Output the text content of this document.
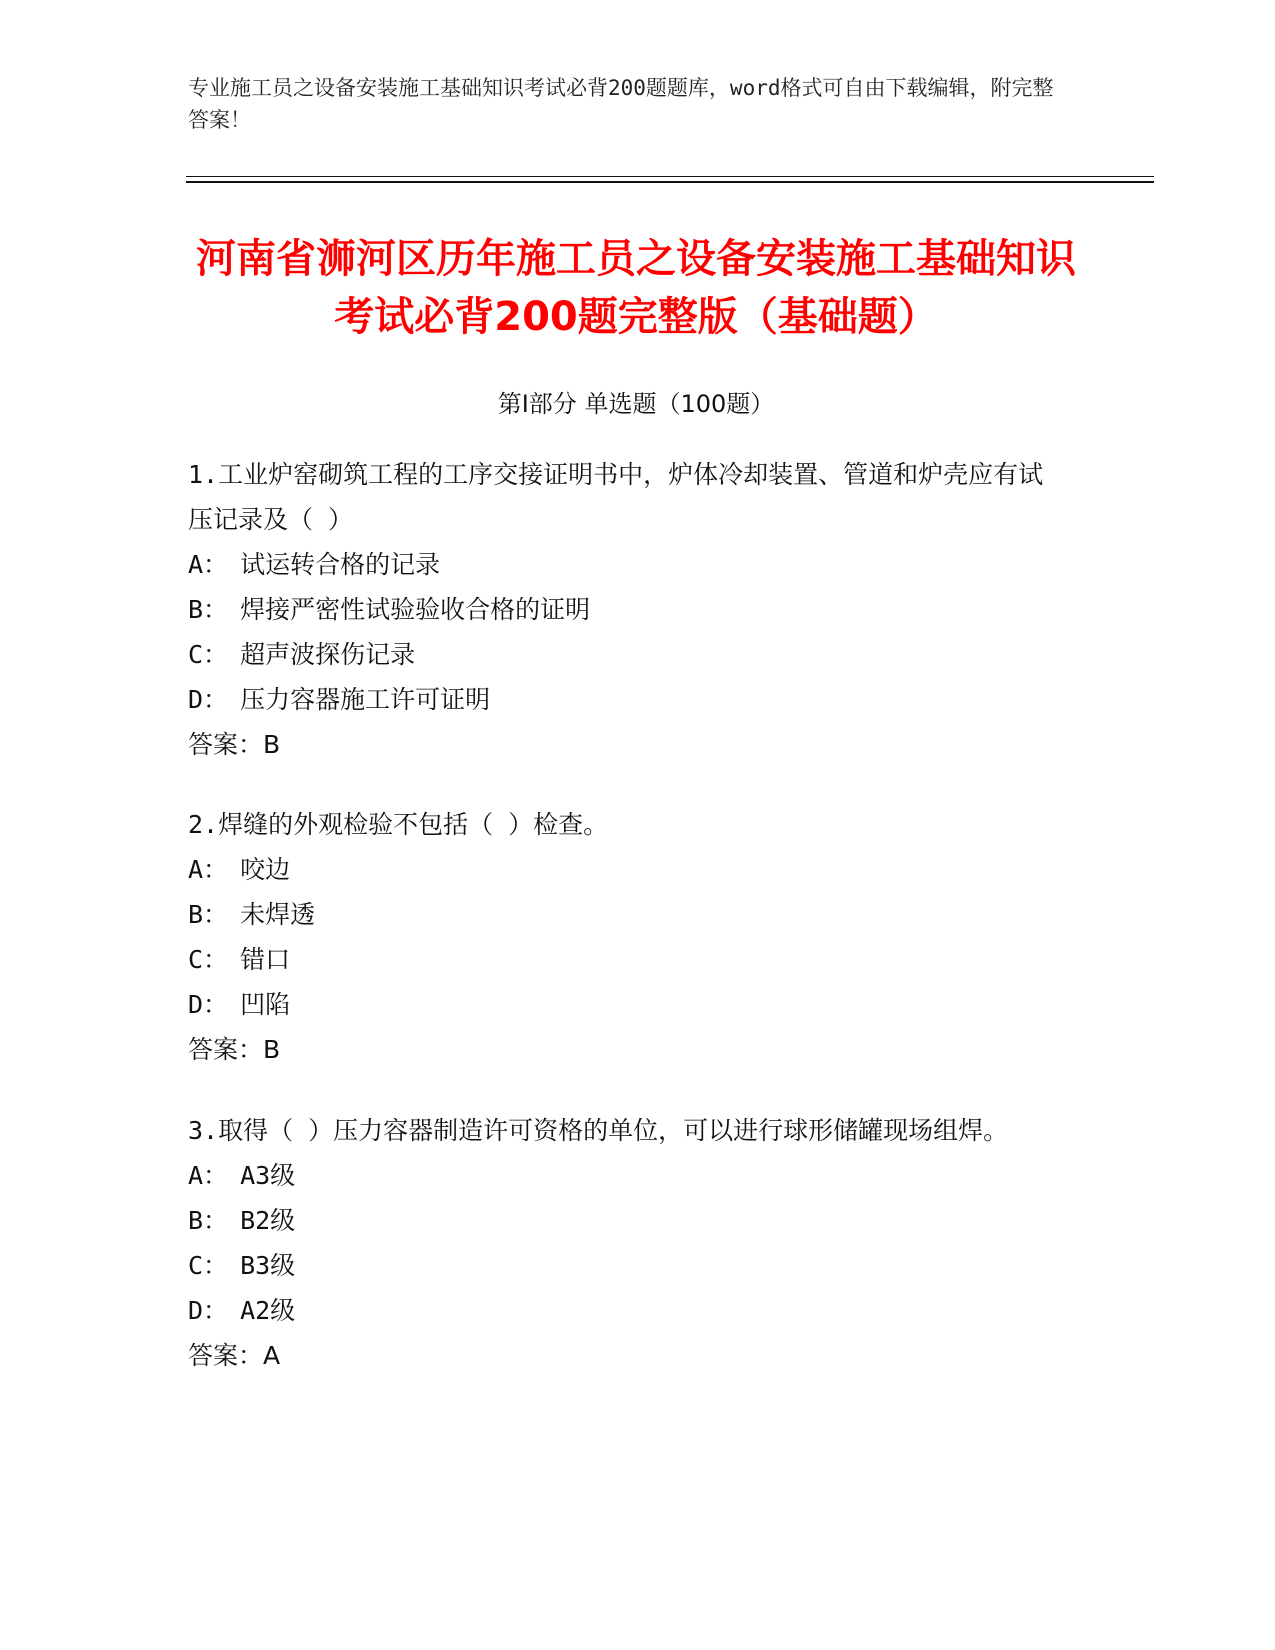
专业施工员之设备安装施工基础知识考试必背200题题库，word格式可自由下载编辑，附完整答案！
河南省浉河区历年施工员之设备安装施工基础知识考试必背200题完整版（基础题）
第I部分 单选题（100题）
1.工业炉窑砌筑工程的工序交接证明书中，炉体冷却装置、管道和炉壳应有试压记录及（ ）
A： 试运转合格的记录
B： 焊接严密性试验验收合格的证明
C： 超声波探伤记录
D： 压力容器施工许可证明
答案：B
2.焊缝的外观检验不包括（ ）检查。
A： 咬边
B： 未焊透
C： 错口
D： 凹陷
答案：B
3.取得（ ）压力容器制造许可资格的单位，可以进行球形储罐现场组焊。
A： A3级
B： B2级
C： B3级
D： A2级
答案：A
